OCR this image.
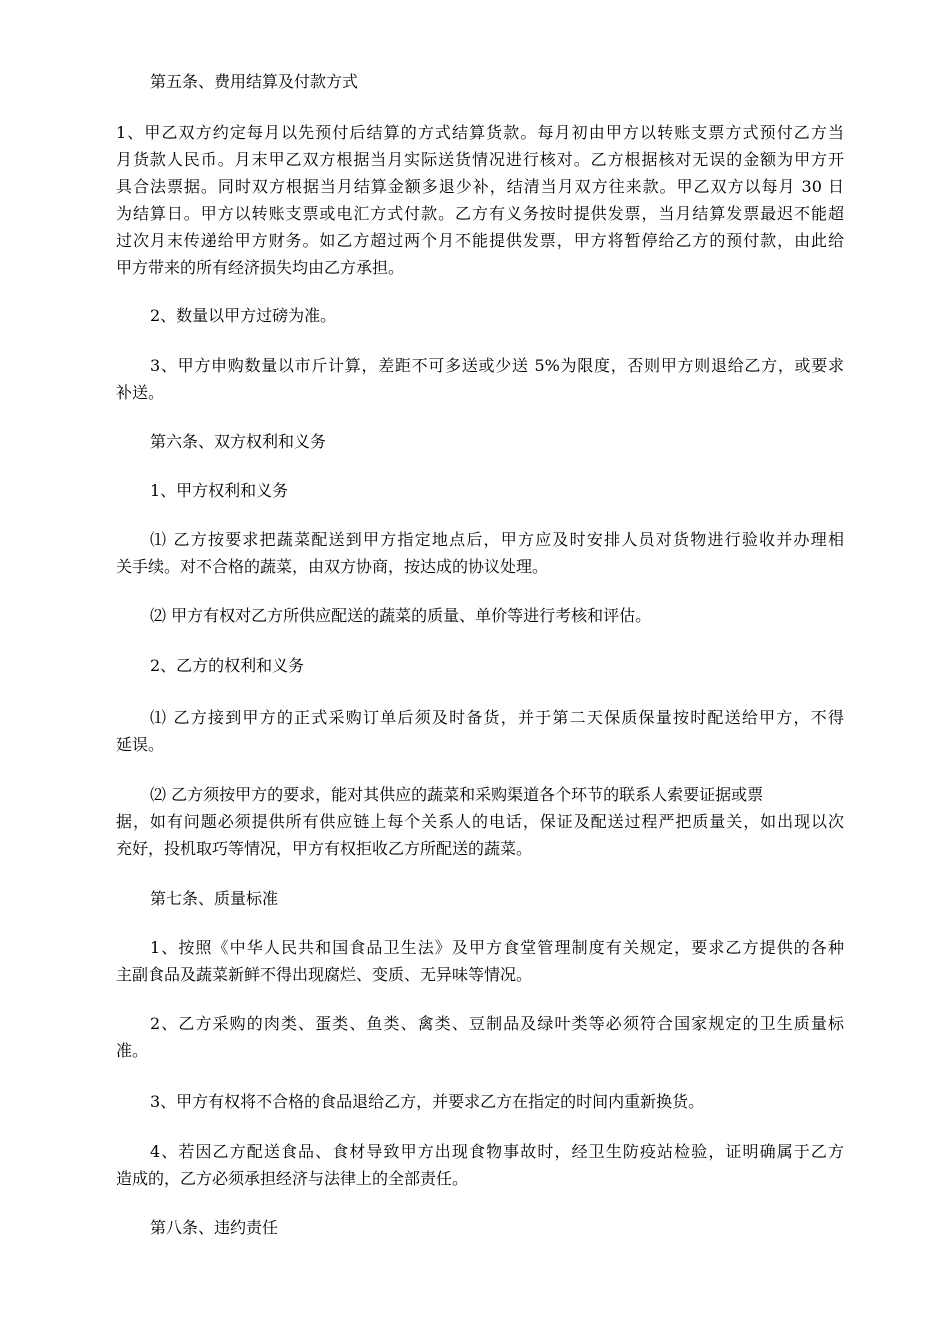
第五条、费用结算及付款方式
1、甲乙双方约定每月以先预付后结算的方式结算货款。每月初由甲方以转账支票方式预付乙方当
月货款人民币。月末甲乙双方根据当月实际送货情况进行核对。乙方根据核对无误的金额为甲方开
具合法票据。同时双方根据当月结算金额多退少补，结清当月双方往来款。甲乙双方以每月 30 日
为结算日。甲方以转账支票或电汇方式付款。乙方有义务按时提供发票，当月结算发票最迟不能超
过次月末传递给甲方财务。如乙方超过两个月不能提供发票，甲方将暂停给乙方的预付款，由此给
甲方带来的所有经济损失均由乙方承担。
2、数量以甲方过磅为准。
3、甲方申购数量以市斤计算，差距不可多送或少送 5%为限度，否则甲方则退给乙方，或要求
补送。
第六条、双方权利和义务
1、甲方权利和义务
⑴ 乙方按要求把蔬菜配送到甲方指定地点后，甲方应及时安排人员对货物进行验收并办理相
关手续。对不合格的蔬菜，由双方协商，按达成的协议处理。
⑵ 甲方有权对乙方所供应配送的蔬菜的质量、单价等进行考核和评估。
2、乙方的权利和义务
⑴ 乙方接到甲方的正式采购订单后须及时备货，并于第二天保质保量按时配送给甲方，不得
延误。
⑵ 乙方须按甲方的要求，能对其供应的蔬菜和采购渠道各个环节的联系人索要证据或票
据，如有问题必须提供所有供应链上每个关系人的电话，保证及配送过程严把质量关，如出现以次
充好，投机取巧等情况，甲方有权拒收乙方所配送的蔬菜。
第七条、质量标准
1、按照《中华人民共和国食品卫生法》及甲方食堂管理制度有关规定，要求乙方提供的各种
主副食品及蔬菜新鲜不得出现腐烂、变质、无异味等情况。
2、乙方采购的肉类、蛋类、鱼类、禽类、豆制品及绿叶类等必须符合国家规定的卫生质量标
准。
3、甲方有权将不合格的食品退给乙方，并要求乙方在指定的时间内重新换货。
4、若因乙方配送食品、食材导致甲方出现食物事故时，经卫生防疫站检验，证明确属于乙方
造成的，乙方必须承担经济与法律上的全部责任。
第八条、违约责任
